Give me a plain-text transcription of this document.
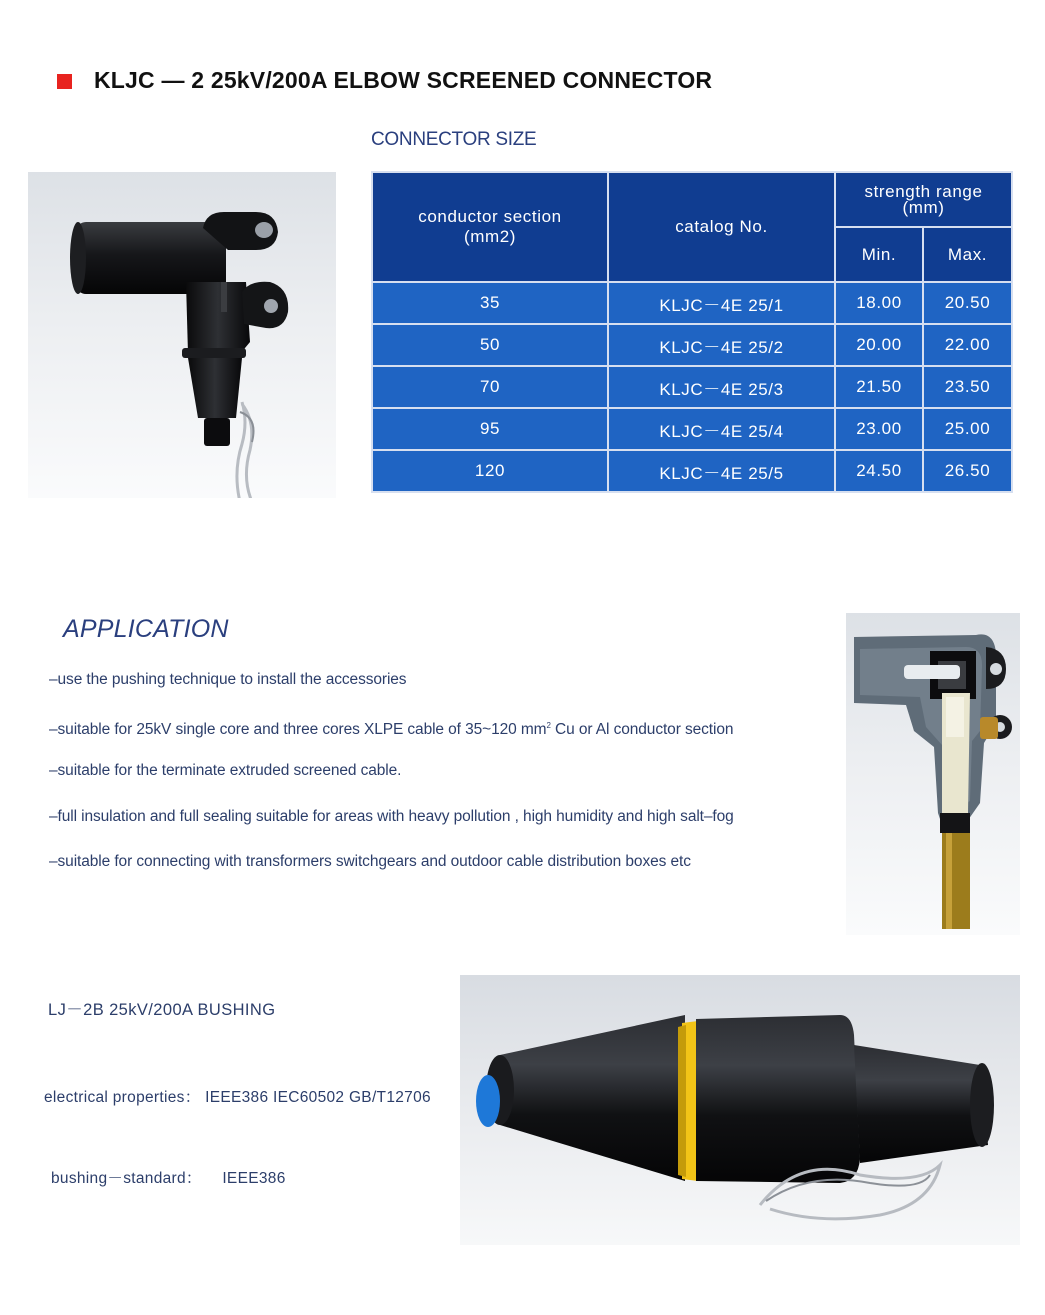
KLJC — 2 25kV/200A ELBOW SCREENED CONNECTOR
CONNECTOR SIZE
conductor section
(mm2)	catalog No.	strength range
(mm)	

		Min.	Max.
35	KLJC－4E 25/1	18.00	20.50
50	KLJC－4E 25/2	20.00	22.00
70	KLJC－4E 25/3	21.50	23.50
95	KLJC－4E 25/4	23.00	25.00
120	KLJC－4E 25/5	24.50	26.50
APPLICATION
–use the pushing technique to install the accessories
–suitable for 25kV single core and three cores XLPE cable of 35~120 $mm^2$ Cu or Al conductor section
–suitable for the terminate extruded screened cable.
–full insulation and full sealing suitable for areas with heavy pollution , high humidity and high salt–fog
–suitable for connecting with transformers switchgears and outdoor cable distribution boxes etc
LJ－2B 25kV/200A BUSHING
electrical properties： IEEE386 IEC60502 GB/T12706
bushing－standard： IEEE386
